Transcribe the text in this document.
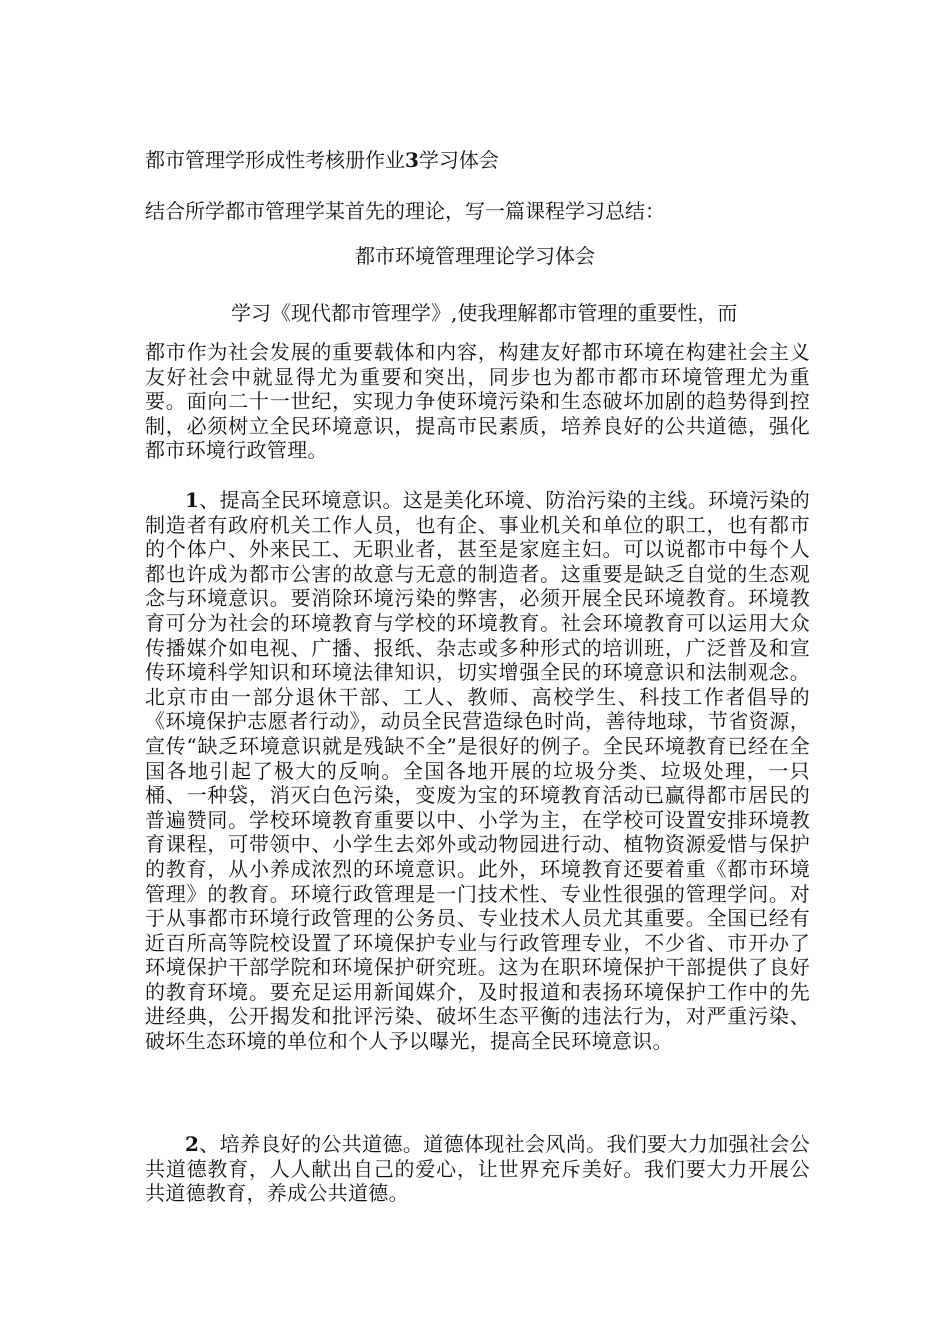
都市管理学形成性考核册作业3学习体会
结合所学都市管理学某首先的理论，写一篇课程学习总结：
都市环境管理理论学习体会
学习《现代都市管理学》,使我理解都市管理的重要性，而
都市作为社会发展的重要载体和内容，构建友好都市环境在构建社会主义友好社会中就显得尤为重要和突出，同步也为都市都市环境管理尤为重要。面向二十一世纪，实现力争使环境污染和生态破坏加剧的趋势得到控制，必须树立全民环境意识，提高市民素质，培养良好的公共道德，强化都市环境行政管理。
1、提高全民环境意识。这是美化环境、防治污染的主线。环境污染的制造者有政府机关工作人员，也有企、事业机关和单位的职工，也有都市的个体户、外来民工、无职业者，甚至是家庭主妇。可以说都市中每个人都也许成为都市公害的故意与无意的制造者。这重要是缺乏自觉的生态观念与环境意识。要消除环境污染的弊害，必须开展全民环境教育。环境教育可分为社会的环境教育与学校的环境教育。社会环境教育可以运用大众传播媒介如电视、广播、报纸、杂志或多种形式的培训班，广泛普及和宣传环境科学知识和环境法律知识，切实增强全民的环境意识和法制观念。北京市由一部分退休干部、工人、教师、高校学生、科技工作者倡导的《环境保护志愿者行动》，动员全民营造绿色时尚，善待地球，节省资源，宣传“缺乏环境意识就是残缺不全”是很好的例子。全民环境教育已经在全国各地引起了极大的反响。全国各地开展的垃圾分类、垃圾处理，一只桶、一种袋，消灭白色污染，变废为宝的环境教育活动已赢得都市居民的普遍赞同。学校环境教育重要以中、小学为主，在学校可设置安排环境教育课程，可带领中、小学生去郊外或动物园进行动、植物资源爱惜与保护的教育，从小养成浓烈的环境意识。此外，环境教育还要着重《都市环境管理》的教育。环境行政管理是一门技术性、专业性很强的管理学问。对于从事都市环境行政管理的公务员、专业技术人员尤其重要。全国已经有近百所高等院校设置了环境保护专业与行政管理专业，不少省、市开办了环境保护干部学院和环境保护研究班。这为在职环境保护干部提供了良好的教育环境。要充足运用新闻媒介，及时报道和表扬环境保护工作中的先进经典，公开揭发和批评污染、破坏生态平衡的违法行为，对严重污染、破坏生态环境的单位和个人予以曝光，提高全民环境意识。
2、培养良好的公共道德。道德体现社会风尚。我们要大力加强社会公共道德教育，人人献出自己的爱心，让世界充斥美好。我们要大力开展公共道德教育，养成公共道德。
